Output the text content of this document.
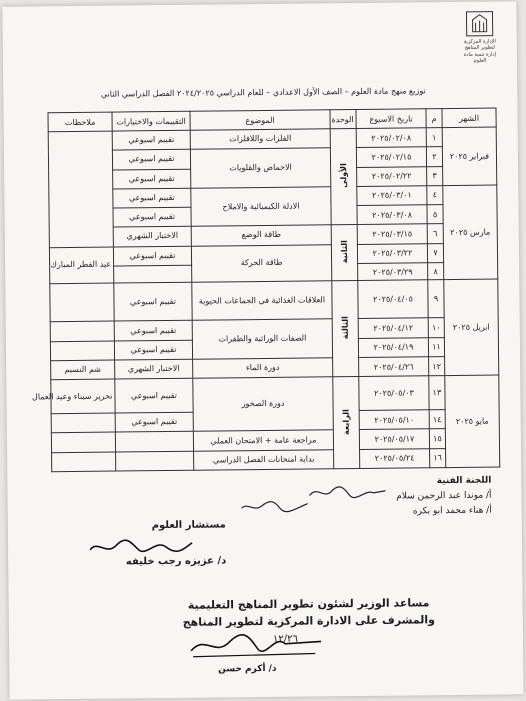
الإدارة المركزية لتطوير المناهج
إدارة تنمية مادة العلوم
توزيع منهج مادة العلوم – الصف الأول الاعدادي – للعام الدراسي ٢٠٢٤/٢٠٢٥ الفصل الدراسي الثاني
الشهر	م	تاريخ الاسبوع	الوحدة	الموضوع	التقييمات والاختبارات	ملاحظات
فبراير ٢٠٢٥	١	٢٠٢٥/٠٢/٠٨	الأولى	الفلزات واللافلزات	تقييم اسبوعي	
	٢	٢٠٢٥/٠٢/١٥		الاحماض والقلويات	تقييم اسبوعي	
	٣	٢٠٢٥/٠٢/٢٢			تقييم اسبوعي	
مارس ٢٠٢٥	٤	٢٠٢٥/٠٣/٠١		الادلة الكيميائية والاملاح	تقييم اسبوعي	
	٥	٢٠٢٥/٠٣/٠٨			تقييم اسبوعي	
	٦	٢٠٢٥/٠٣/١٥	الثانية	طاقة الوضع	الاختبار الشهري	
	٧	٢٠٢٥/٠٣/٢٢		طاقة الحركة	تقييم اسبوعي	عيد الفطر المبارك
	٨	٢٠٢٥/٠٣/٢٩				
ابريل ٢٠٢٥	٩	٢٠٢٥/٠٤/٠٥	الثالثة	العلاقات الغذائية في الجماعات الحيوية	تقييم اسبوعي	
	١٠	٢٠٢٥/٠٤/١٢		الصفات الوراثية والطفرات	تقييم اسبوعي	
	١١	٢٠٢٥/٠٤/١٩			تقييم اسبوعي	
	١٢	٢٠٢٥/٠٤/٢٦		دورة الماء	الاختبار الشهري	شم النسيم
مايو ٢٠٢٥	١٣	٢٠٢٥/٠٥/٠٣	الرابعة	دورة الصخور	تقييم اسبوعي	تحرير سيناء وعيد العمال
	١٤	٢٠٢٥/٠٥/١٠			تقييم اسبوعي	
	١٥	٢٠٢٥/٠٥/١٧		مراجعة عامة + الامتحان العملي		
	١٦	٢٠٢٥/٠٥/٢٤		بداية امتحانات الفصل الدراسي		
اللجنة الفنية
أ/ موندا عبد الرحمن سلام
أ/ هناء محمد ابو بكره
مستشار العلوم
د/ عزيزه رجب خليفه
مساعد الوزير لشئون تطوير المناهج التعليمية
والمشرف على الادارة المركزية لتطوير المناهج
١٢/٢٦
د/ أكرم حسن
